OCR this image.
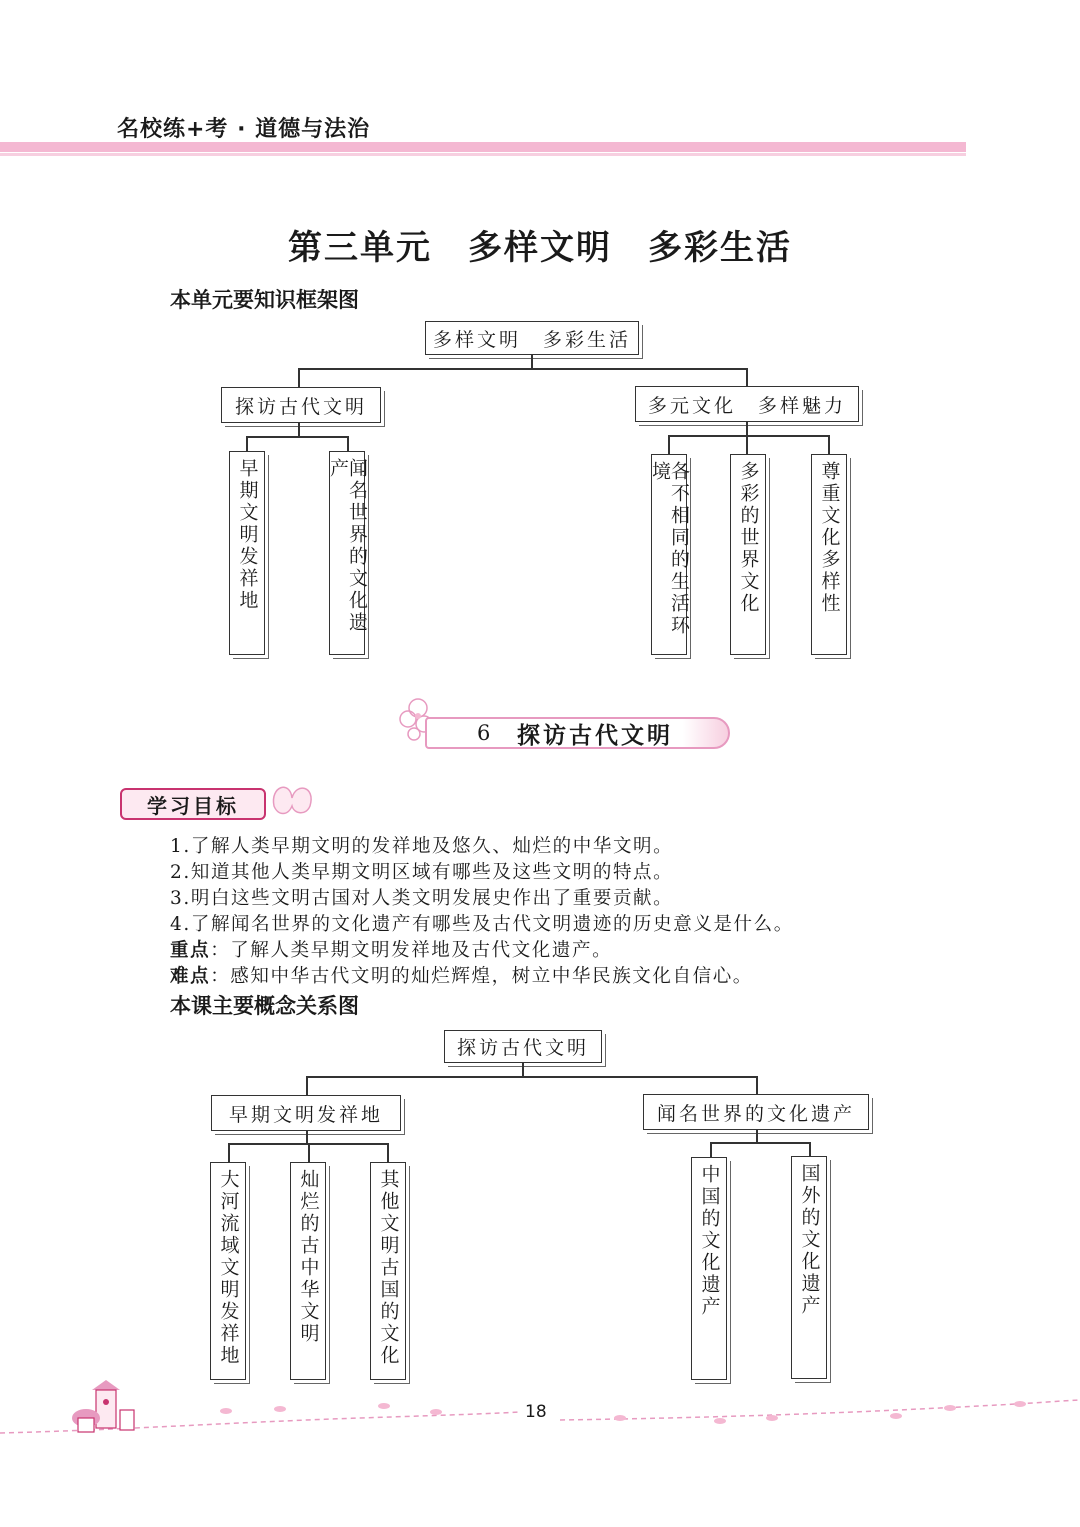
名校练+考 · 道德与法治
第三单元　多样文明　多彩生活
本单元要知识框架图
多样文明　多彩生活
探访古代文明	多元文化　多样魅力
早期文明发祥地	闻名世界的文化遗产	各不相同的生活环境	多彩的世界文化	尊重文化多样性
6	探访古代文明
学习目标
1.了解人类早期文明的发祥地及悠久、灿烂的中华文明。
2.知道其他人类早期文明区域有哪些及这些文明的特点。
3.明白这些文明古国对人类文明发展史作出了重要贡献。
4.了解闻名世界的文化遗产有哪些及古代文明遗迹的历史意义是什么。
重点：了解人类早期文明发祥地及古代文化遗产。
难点：感知中华古代文明的灿烂辉煌，树立中华民族文化自信心。
本课主要概念关系图
探访古代文明
早期文明发祥地	闻名世界的文化遗产
大河流域文明发祥地	灿烂的古中华文明	其他文明古国的文化	中国的文化遗产	国外的文化遗产
18
